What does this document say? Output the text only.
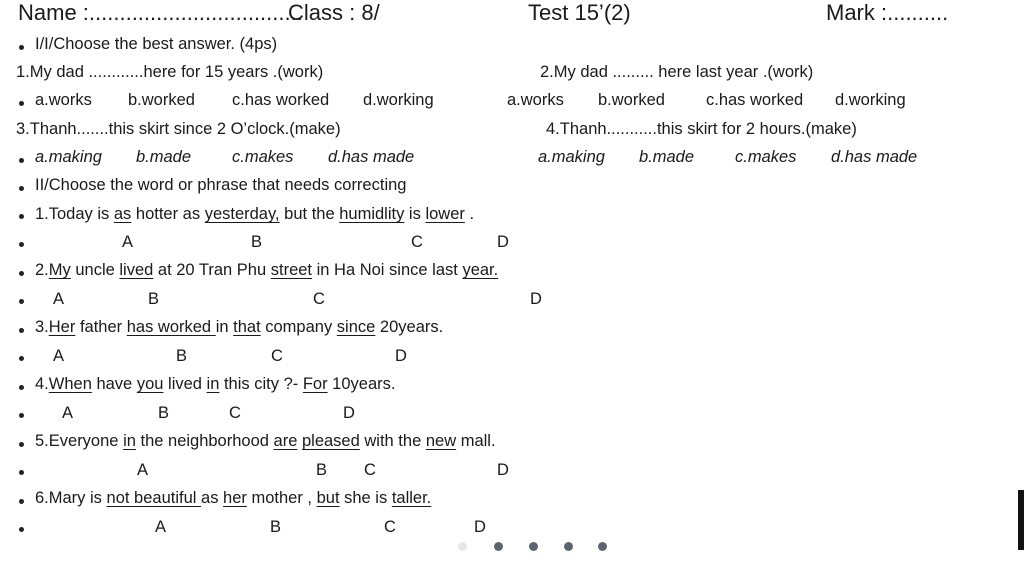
Name :...................................
Class : 8/	Test 15’(2)	Mark :..........
I/I/Choose the best answer. (4ps)
1.My dad ............here for 15 years .(work)	2.My dad ......... here last year .(work)
a.works b.worked c.has worked d.working	a.works b.worked c.has worked d.working
3.Thanh.......this skirt since 2 O’clock.(make)	4.Thanh...........this skirt for 2 hours.(make)
a.making b.made c.makes d.has made	a.making b.made c.makes d.has made
II/Choose the word or phrase that needs correcting
1.Today is as hotter as yesterday, but the humidlity is lower .
A	B	C	D
2.My uncle lived at 20 Tran Phu street in Ha Noi since last year.
A	B	C	D
3.Her father has worked in that company since 20years.
A	B	C	D
4.When have you lived in this city ?- For 10years.
A	B	C	D
5.Everyone in the neighborhood are pleased with the new mall.
A	B C	D
6.Mary is not beautiful as her mother , but she is taller.
A	B	C	D
